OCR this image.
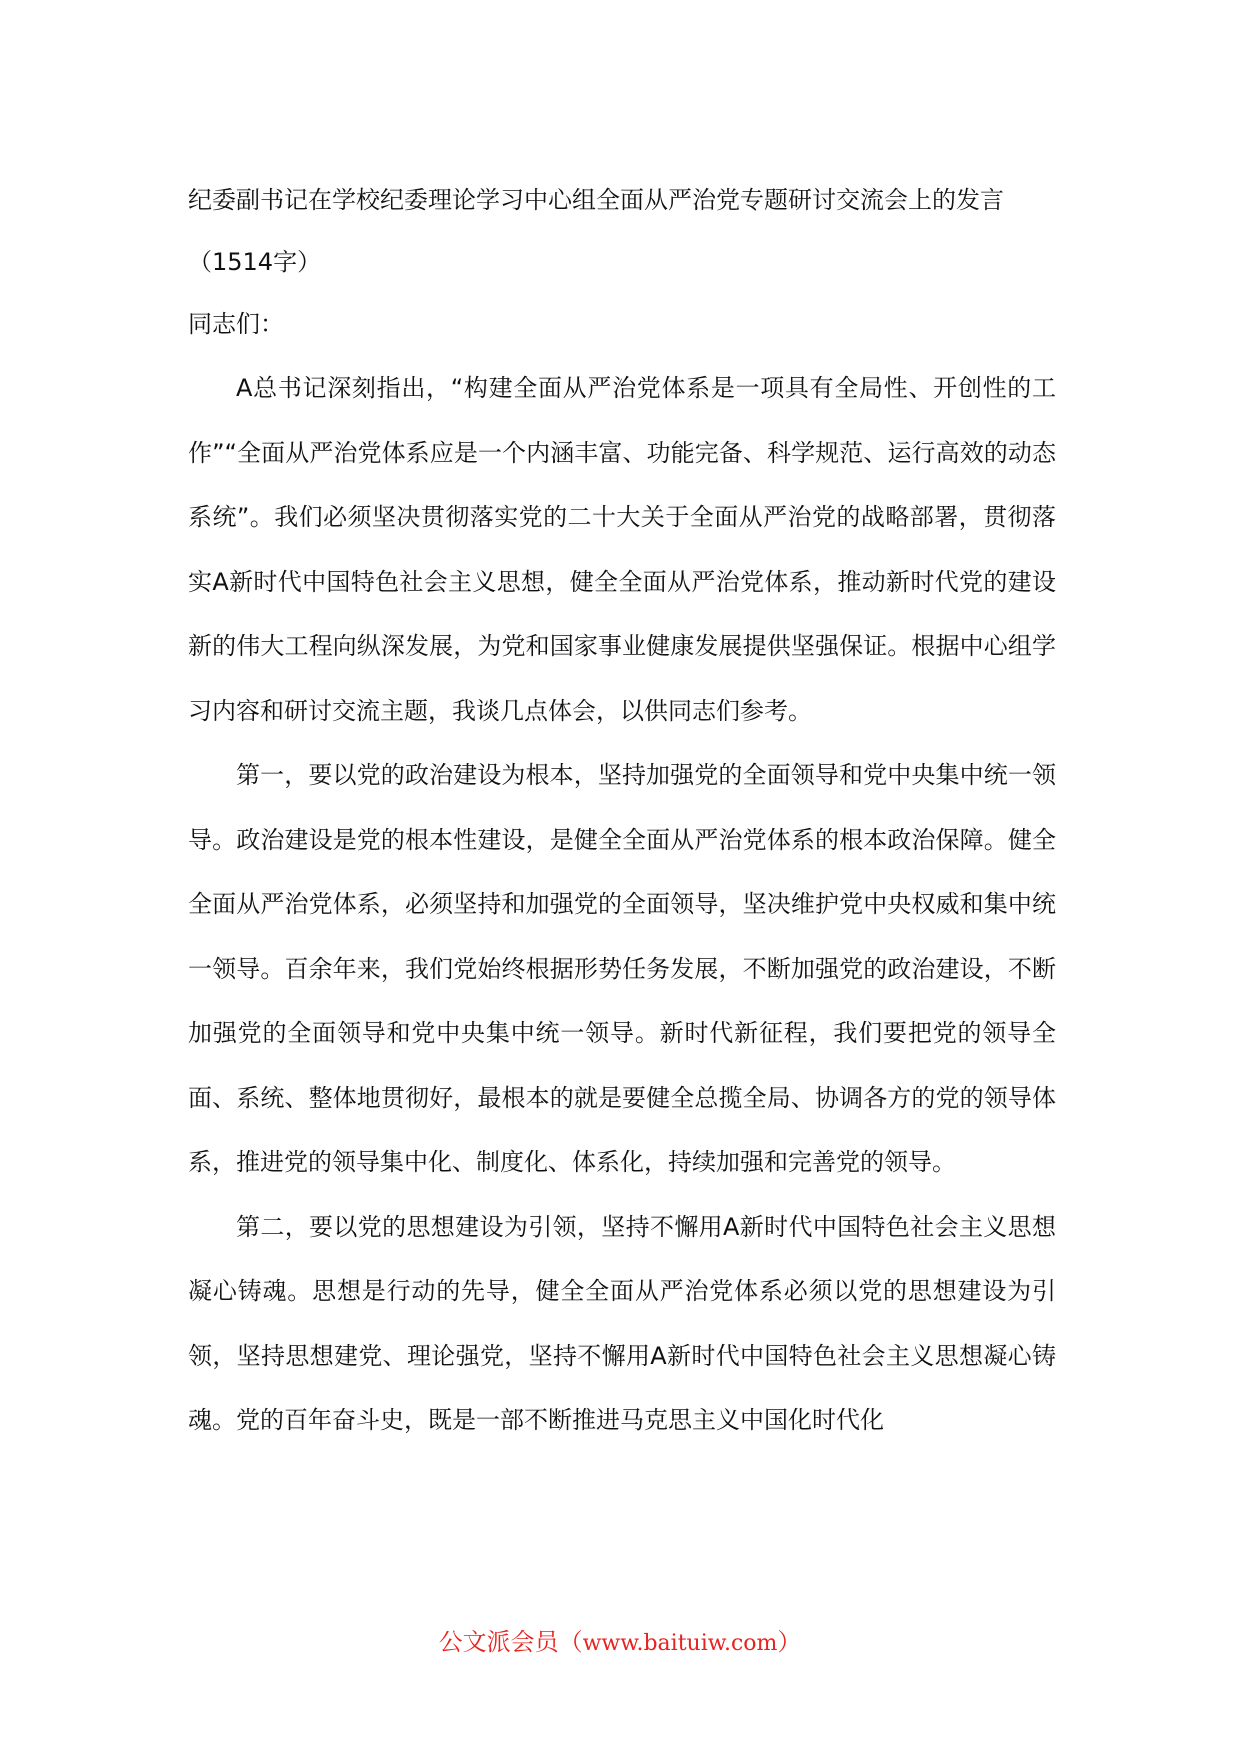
纪委副书记在学校纪委理论学习中心组全面从严治党专题研讨交流会上的发言
（1514字）
同志们：

A总书记深刻指出，“构建全面从严治党体系是一项具有全局性、开创性的工作”“全面从严治党体系应是一个内涵丰富、功能完备、科学规范、运行高效的动态系统”。我们必须坚决贯彻落实党的二十大关于全面从严治党的战略部署，贯彻落实A新时代中国特色社会主义思想，健全全面从严治党体系，推动新时代党的建设新的伟大工程向纵深发展，为党和国家事业健康发展提供坚强保证。根据中心组学习内容和研讨交流主题，我谈几点体会，以供同志们参考。

第一，要以党的政治建设为根本，坚持加强党的全面领导和党中央集中统一领导。政治建设是党的根本性建设，是健全全面从严治党体系的根本政治保障。健全全面从严治党体系，必须坚持和加强党的全面领导，坚决维护党中央权威和集中统一领导。百余年来，我们党始终根据形势任务发展，不断加强党的政治建设，不断加强党的全面领导和党中央集中统一领导。新时代新征程，我们要把党的领导全面、系统、整体地贯彻好，最根本的就是要健全总揽全局、协调各方的党的领导体系，推进党的领导集中化、制度化、体系化，持续加强和完善党的领导。

第二，要以党的思想建设为引领，坚持不懈用A新时代中国特色社会主义思想凝心铸魂。思想是行动的先导，健全全面从严治党体系必须以党的思想建设为引领，坚持思想建党、理论强党，坚持不懈用A新时代中国特色社会主义思想凝心铸魂。党的百年奋斗史，既是一部不断推进马克思主义中国化时代化

公文派会员（www.baituiw.com）
